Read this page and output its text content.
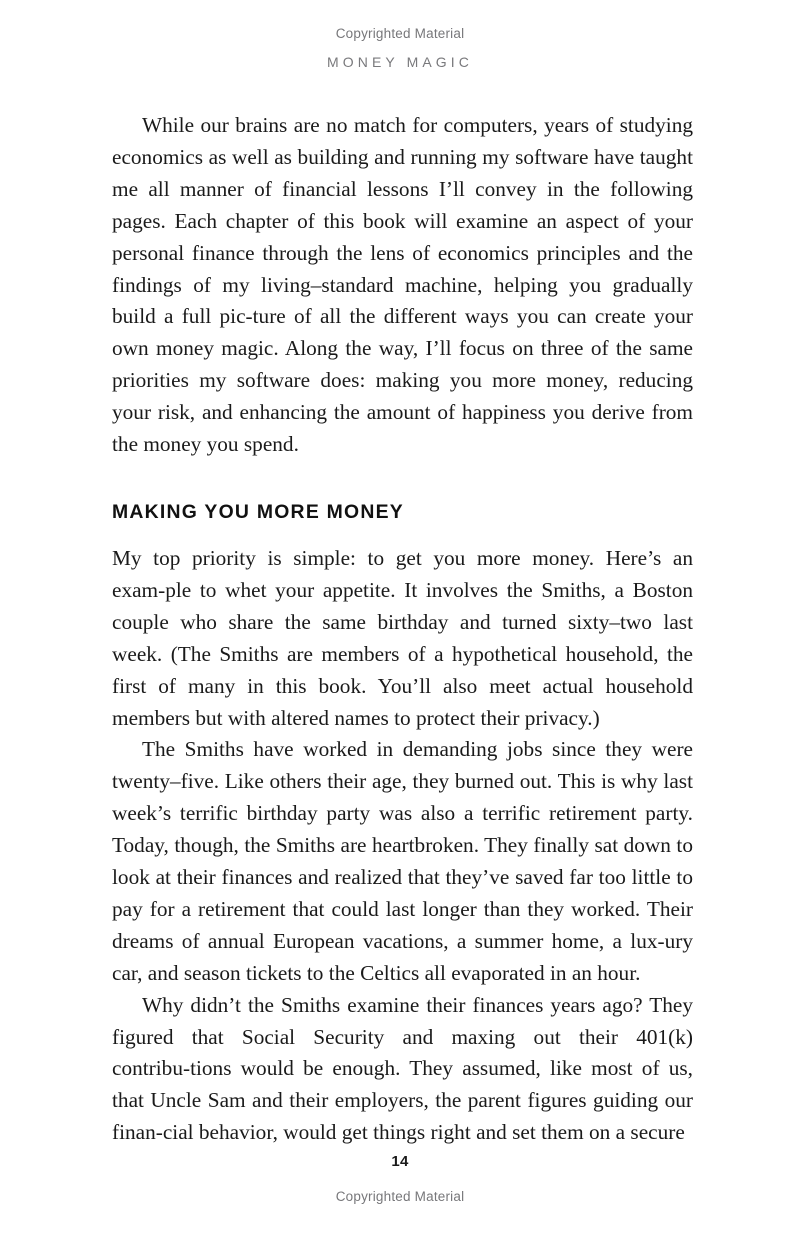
Copyrighted Material
MONEY MAGIC

While our brains are no match for computers, years of studying economics as well as building and running my software have taught me all manner of financial lessons I’ll convey in the following pages. Each chapter of this book will examine an aspect of your personal finance through the lens of economics principles and the findings of my living–standard machine, helping you gradually build a full pic‑ture of all the different ways you can create your own money magic. Along the way, I’ll focus on three of the same priorities my software does: making you more money, reducing your risk, and enhancing the amount of happiness you derive from the money you spend.

MAKING YOU MORE MONEY

My top priority is simple: to get you more money. Here’s an exam‑ple to whet your appetite. It involves the Smiths, a Boston couple who share the same birthday and turned sixty–two last week. (The Smiths are members of a hypothetical household, the first of many in this book. You’ll also meet actual household members but with altered names to protect their privacy.)

The Smiths have worked in demanding jobs since they were twenty–five. Like others their age, they burned out. This is why last week’s terrific birthday party was also a terrific retirement party. Today, though, the Smiths are heartbroken. They finally sat down to look at their finances and realized that they’ve saved far too little to pay for a retirement that could last longer than they worked. Their dreams of annual European vacations, a summer home, a lux‑ury car, and season tickets to the Celtics all evaporated in an hour.

Why didn’t the Smiths examine their finances years ago? They figured that Social Security and maxing out their 401(k) contribu‑tions would be enough. They assumed, like most of us, that Uncle Sam and their employers, the parent figures guiding our finan‑cial behavior, would get things right and set them on a secure

14
Copyrighted Material
